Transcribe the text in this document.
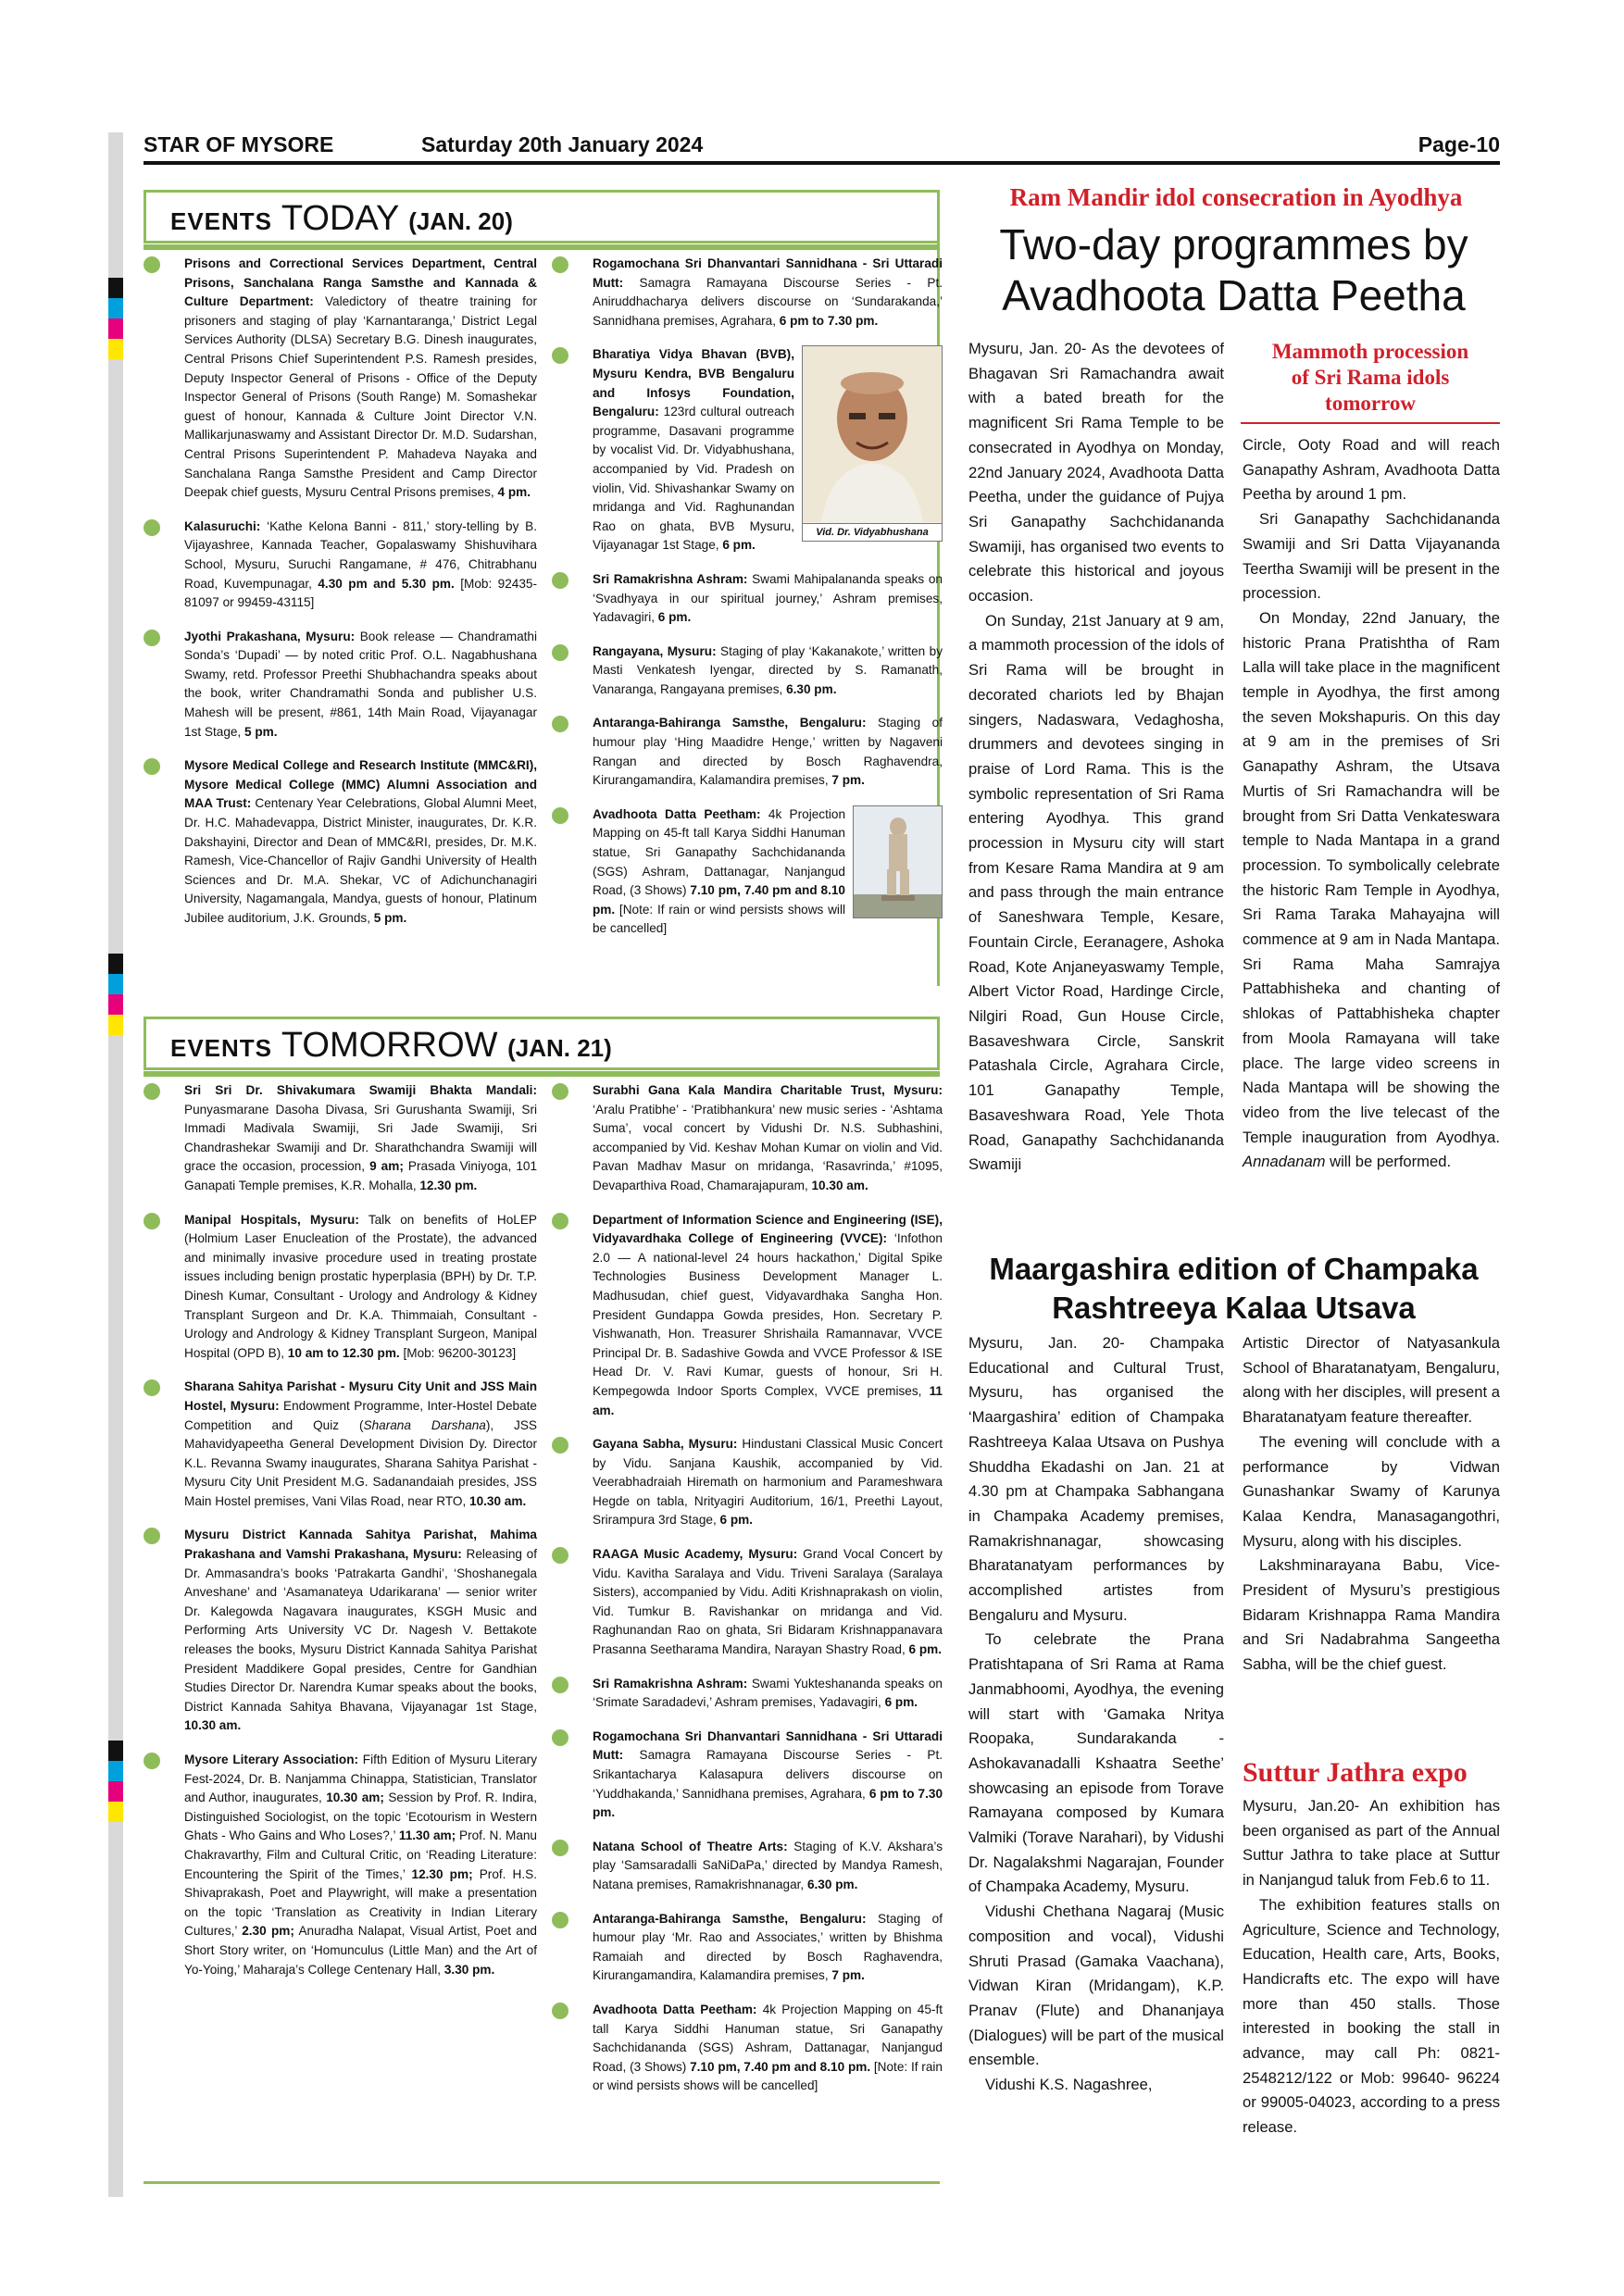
STAR OF MYSORE	Saturday 20th January 2024	Page-10
EVENTS TODAY (JAN. 20)
Prisons and Correctional Services Department, Central Prisons, Sanchalana Ranga Samsthe and Kannada & Culture Department: Valedictory of theatre training for prisoners and staging of play ‘Karnantaranga,’ District Legal Services Authority (DLSA) Secretary B.G. Dinesh inaugurates, Central Prisons Chief Superintendent P.S. Ramesh presides, Deputy Inspector General of Prisons - Office of the Deputy Inspector General of Prisons (South Range) M. Somashekar guest of honour, Kannada & Culture Joint Director V.N. Mallikarjunaswamy and Assistant Director Dr. M.D. Sudarshan, Central Prisons Superintendent P. Mahadeva Nayaka and Sanchalana Ranga Samsthe President and Camp Director Deepak chief guests, Mysuru Central Prisons premises, 4 pm.
Kalasuruchi: ‘Kathe Kelona Banni - 811,’ story-telling by B. Vijayashree, Kannada Teacher, Gopalaswamy Shishuvihara School, Mysuru, Suruchi Rangamane, # 476, Chitrabhanu Road, Kuvempunagar, 4.30 pm and 5.30 pm. [Mob: 92435-81097 or 99459-43115]
Jyothi Prakashana, Mysuru: Book release — Chandramathi Sonda’s ‘Dupadi’ — by noted critic Prof. O.L. Nagabhushana Swamy, retd. Professor Preethi Shubhachandra speaks about the book, writer Chandramathi Sonda and publisher U.S. Mahesh will be present, #861, 14th Main Road, Vijayanagar 1st Stage, 5 pm.
Mysore Medical College and Research Institute (MMC&RI), Mysore Medical College (MMC) Alumni Association and MAA Trust: Centenary Year Celebrations, Global Alumni Meet, Dr. H.C. Mahadevappa, District Minister, inaugurates, Dr. K.R. Dakshayini, Director and Dean of MMC&RI, presides, Dr. M.K. Ramesh, Vice-Chancellor of Rajiv Gandhi University of Health Sciences and Dr. M.A. Shekar, VC of Adichunchanagiri University, Nagamangala, Mandya, guests of honour, Platinum Jubilee auditorium, J.K. Grounds, 5 pm.
Rogamochana Sri Dhanvantari Sannidhana - Sri Uttaradi Mutt: Samagra Ramayana Discourse Series - Pt. Aniruddhacharya delivers discourse on ‘Sundarakanda,’ Sannidhana premises, Agrahara, 6 pm to 7.30 pm.
Vid. Dr. Vidyabhushana
Bharatiya Vidya Bhavan (BVB), Mysuru Kendra, BVB Bengaluru and Infosys Foundation, Bengaluru: 123rd cultural outreach programme, Dasavani programme by vocalist Vid. Dr. Vidyabhushana, accompanied by Vid. Pradesh on violin, Vid. Shivashankar Swamy on mridanga and Vid. Raghunandan Rao on ghata, BVB Mysuru, Vijayanagar 1st Stage, 6 pm.
Sri Ramakrishna Ashram: Swami Mahipalananda speaks on ‘Svadhyaya in our spiritual journey,’ Ashram premises, Yadavagiri, 6 pm.
Rangayana, Mysuru: Staging of play ‘Kakanakote,’ written by Masti Venkatesh Iyengar, directed by S. Ramanath, Vanaranga, Rangayana premises, 6.30 pm.
Antaranga-Bahiranga Samsthe, Bengaluru: Staging of humour play ‘Hing Maadidre Henge,’ written by Nagaveni Rangan and directed by Bosch Raghavendra, Kirurangamandira, Kalamandira premises, 7 pm.
Avadhoota Datta Peetham: 4k Projection Mapping on 45-ft tall Karya Siddhi Hanuman statue, Sri Ganapathy Sachchidananda (SGS) Ashram, Dattanagar, Nanjangud Road, (3 Shows) 7.10 pm, 7.40 pm and 8.10 pm. [Note: If rain or wind persists shows will be cancelled]
EVENTS TOMORROW (JAN. 21)
Sri Sri Dr. Shivakumara Swamiji Bhakta Mandali: Punyasmarane Dasoha Divasa, Sri Gurushanta Swamiji, Sri Immadi Madivala Swamiji, Sri Jade Swamiji, Sri Chandrashekar Swamiji and Dr. Sharathchandra Swamiji will grace the occasion, procession, 9 am; Prasada Viniyoga, 101 Ganapati Temple premises, K.R. Mohalla, 12.30 pm.
Manipal Hospitals, Mysuru: Talk on benefits of HoLEP (Holmium Laser Enucleation of the Prostate), the advanced and minimally invasive procedure used in treating prostate issues including benign prostatic hyperplasia (BPH) by Dr. T.P. Dinesh Kumar, Consultant - Urology and Andrology & Kidney Transplant Surgeon and Dr. K.A. Thimmaiah, Consultant - Urology and Andrology & Kidney Transplant Surgeon, Manipal Hospital (OPD B), 10 am to 12.30 pm. [Mob: 96200-30123]
Sharana Sahitya Parishat - Mysuru City Unit and JSS Main Hostel, Mysuru: Endowment Programme, Inter-Hostel Debate Competition and Quiz (Sharana Darshana), JSS Mahavidyapeetha General Development Division Dy. Director K.L. Revanna Swamy inaugurates, Sharana Sahitya Parishat - Mysuru City Unit President M.G. Sadanandaiah presides, JSS Main Hostel premises, Vani Vilas Road, near RTO, 10.30 am.
Mysuru District Kannada Sahitya Parishat, Mahima Prakashana and Vamshi Prakashana, Mysuru: Releasing of Dr. Ammasandra’s books ‘Patrakarta Gandhi’, ‘Shoshanegala Anveshane’ and ‘Asamanateya Udarikarana’ — senior writer Dr. Kalegowda Nagavara inaugurates, KSGH Music and Performing Arts University VC Dr. Nagesh V. Bettakote releases the books, Mysuru District Kannada Sahitya Parishat President Maddikere Gopal presides, Centre for Gandhian Studies Director Dr. Narendra Kumar speaks about the books, District Kannada Sahitya Bhavana, Vijayanagar 1st Stage, 10.30 am.
Mysore Literary Association: Fifth Edition of Mysuru Literary Fest-2024, Dr. B. Nanjamma Chinappa, Statistician, Translator and Author, inaugurates, 10.30 am; Session by Prof. R. Indira, Distinguished Sociologist, on the topic ‘Ecotourism in Western Ghats - Who Gains and Who Loses?,’ 11.30 am; Prof. N. Manu Chakravarthy, Film and Cultural Critic, on ‘Reading Literature: Encountering the Spirit of the Times,’ 12.30 pm; Prof. H.S. Shivaprakash, Poet and Playwright, will make a presentation on the topic ‘Translation as Creativity in Indian Literary Cultures,’ 2.30 pm; Anuradha Nalapat, Visual Artist, Poet and Short Story writer, on ‘Homunculus (Little Man) and the Art of Yo-Yoing,’ Maharaja’s College Centenary Hall, 3.30 pm.
Surabhi Gana Kala Mandira Charitable Trust, Mysuru: ‘Aralu Pratibhe’ - ‘Pratibhankura’ new music series - ‘Ashtama Suma’, vocal concert by Vidushi Dr. N.S. Subhashini, accompanied by Vid. Keshav Mohan Kumar on violin and Vid. Pavan Madhav Masur on mridanga, ‘Rasavrinda,’ #1095, Devaparthiva Road, Chamarajapuram, 10.30 am.
Department of Information Science and Engineering (ISE), Vidyavardhaka College of Engineering (VVCE): ‘Infothon 2.0 — A national-level 24 hours hackathon,’ Digital Spike Technologies Business Development Manager L. Madhusudan, chief guest, Vidyavardhaka Sangha Hon. President Gundappa Gowda presides, Hon. Secretary P. Vishwanath, Hon. Treasurer Shrishaila Ramannavar, VVCE Principal Dr. B. Sadashive Gowda and VVCE Professor & ISE Head Dr. V. Ravi Kumar, guests of honour, Sri H. Kempegowda Indoor Sports Complex, VVCE premises, 11 am.
Gayana Sabha, Mysuru: Hindustani Classical Music Concert by Vidu. Sanjana Kaushik, accompanied by Vid. Veerabhadraiah Hiremath on harmonium and Parameshwara Hegde on tabla, Nrityagiri Auditorium, 16/1, Preethi Layout, Srirampura 3rd Stage, 6 pm.
RAAGA Music Academy, Mysuru: Grand Vocal Concert by Vidu. Kavitha Saralaya and Vidu. Triveni Saralaya (Saralaya Sisters), accompanied by Vidu. Aditi Krishnaprakash on violin, Vid. Tumkur B. Ravishankar on mridanga and Vid. Raghunandan Rao on ghata, Sri Bidaram Krishnappanavara Prasanna Seetharama Mandira, Narayan Shastry Road, 6 pm.
Sri Ramakrishna Ashram: Swami Yukteshananda speaks on ‘Srimate Saradadevi,’ Ashram premises, Yadavagiri, 6 pm.
Rogamochana Sri Dhanvantari Sannidhana - Sri Uttaradi Mutt: Samagra Ramayana Discourse Series - Pt. Srikantacharya Kalasapura delivers discourse on ‘Yuddhakanda,’ Sannidhana premises, Agrahara, 6 pm to 7.30 pm.
Natana School of Theatre Arts: Staging of K.V. Akshara’s play ‘Samsaradalli SaNiDaPa,’ directed by Mandya Ramesh, Natana premises, Ramakrishnanagar, 6.30 pm.
Antaranga-Bahiranga Samsthe, Bengaluru: Staging of humour play ‘Mr. Rao and Associates,’ written by Bhishma Ramaiah and directed by Bosch Raghavendra, Kirurangamandira, Kalamandira premises, 7 pm.
Avadhoota Datta Peetham: 4k Projection Mapping on 45-ft tall Karya Siddhi Hanuman statue, Sri Ganapathy Sachchidananda (SGS) Ashram, Dattanagar, Nanjangud Road, (3 Shows) 7.10 pm, 7.40 pm and 8.10 pm. [Note: If rain or wind persists shows will be cancelled]
Ram Mandir idol consecration in Ayodhya
Two-day programmes by
Avadhoota Datta Peetha

Mysuru, Jan. 20- As the devotees of Bhagavan Sri Ramachandra await with a bated breath for the magnificent Sri Rama Temple to be consecrated in Ayodhya on Monday, 22nd January 2024, Avadhoota Datta Peetha, under the guidance of Pujya Sri Ganapathy Sachchidananda Swamiji, has organised two events to celebrate this historical and joyous occasion.

On Sunday, 21st January at 9 am, a mammoth procession of the idols of Sri Rama will be brought in decorated chariots led by Bhajan singers, Nadaswara, Vedaghosha, drummers and devotees singing in praise of Lord Rama. This is the symbolic representation of Sri Rama entering Ayodhya. This grand procession in Mysuru city will start from Kesare Rama Mandira at 9 am and pass through the main entrance of Saneshwara Temple, Kesare, Fountain Circle, Eeranagere, Ashoka Road, Kote Anjaneyaswamy Temple, Albert Victor Road, Hardinge Circle, Nilgiri Road, Gun House Circle, Basaveshwara Circle, Sanskrit Patashala Circle, Agrahara Circle, 101 Ganapathy Temple, Basaveshwara Road, Yele Thota Road, Ganapathy Sachchidananda Swamiji

Mammoth procession
of Sri Rama idols
tomorrow

Circle, Ooty Road and will reach Ganapathy Ashram, Avadhoota Datta Peetha by around 1 pm.

Sri Ganapathy Sachchidananda Swamiji and Sri Datta Vijayananda Teertha Swamiji will be present in the procession.

On Monday, 22nd January, the historic Prana Pratishtha of Ram Lalla will take place in the magnificent temple in Ayodhya, the first among the seven Mokshapuris. On this day at 9 am in the premises of Sri Ganapathy Ashram, the Utsava Murtis of Sri Ramachandra will be brought from Sri Datta Venkateswara temple to Nada Mantapa in a grand procession. To symbolically celebrate the historic Ram Temple in Ayodhya, Sri Rama Taraka Mahayajna will commence at 9 am in Nada Mantapa. Sri Rama Maha Samrajya Pattabhisheka and chanting of shlokas of Pattabhisheka chapter from Moola Ramayana will take place. The large video screens in Nada Mantapa will be showing the video from the live telecast of the Temple inauguration from Ayodhya. Annadanam will be performed.

Maargashira edition of Champaka
Rashtreeya Kalaa Utsava

Mysuru, Jan. 20- Champaka Educational and Cultural Trust, Mysuru, has organised the ‘Maargashira’ edition of Champaka Rashtreeya Kalaa Utsava on Pushya Shuddha Ekadashi on Jan. 21 at 4.30 pm at Champaka Sabhangana in Champaka Academy premises, Ramakrishnanagar, showcasing Bharatanatyam performances by accomplished artistes from Bengaluru and Mysuru.

To celebrate the Prana Pratishtapana of Sri Rama at Rama Janmabhoomi, Ayodhya, the evening will start with ‘Gamaka Nritya Roopaka, Sundarakanda - Ashokavanadalli Kshaatra Seethe’ showcasing an episode from Torave Ramayana composed by Kumara Valmiki (Torave Narahari), by Vidushi Dr. Nagalakshmi Nagarajan, Founder of Champaka Academy, Mysuru.

Vidushi Chethana Nagaraj (Music composition and vocal), Vidushi Shruti Prasad (Gamaka Vaachana), Vidwan Kiran (Mridangam), K.P. Pranav (Flute) and Dhananjaya (Dialogues) will be part of the musical ensemble.

Vidushi K.S. Nagashree,

Artistic Director of Natyasankula School of Bharatanatyam, Bengaluru, along with her disciples, will present a Bharatanatyam feature thereafter.

The evening will conclude with a performance by Vidwan Gunashankar Swamy of Karunya Kalaa Kendra, Manasagangothri, Mysuru, along with his disciples.

Lakshminarayana Babu, Vice-President of Mysuru’s prestigious Bidaram Krishnappa Rama Mandira and Sri Nadabrahma Sangeetha Sabha, will be the chief guest.

Suttur Jathra expo

Mysuru, Jan.20- An exhibition has been organised as part of the Annual Suttur Jathra to take place at Suttur in Nanjangud taluk from Feb.6 to 11.

The exhibition features stalls on Agriculture, Science and Technology, Education, Health care, Arts, Books, Handicrafts etc. The expo will have more than 450 stalls. Those interested in booking the stall in advance, may call Ph: 0821-2548212/122 or Mob: 99640- 96224 or 99005-04023, according to a press release.
